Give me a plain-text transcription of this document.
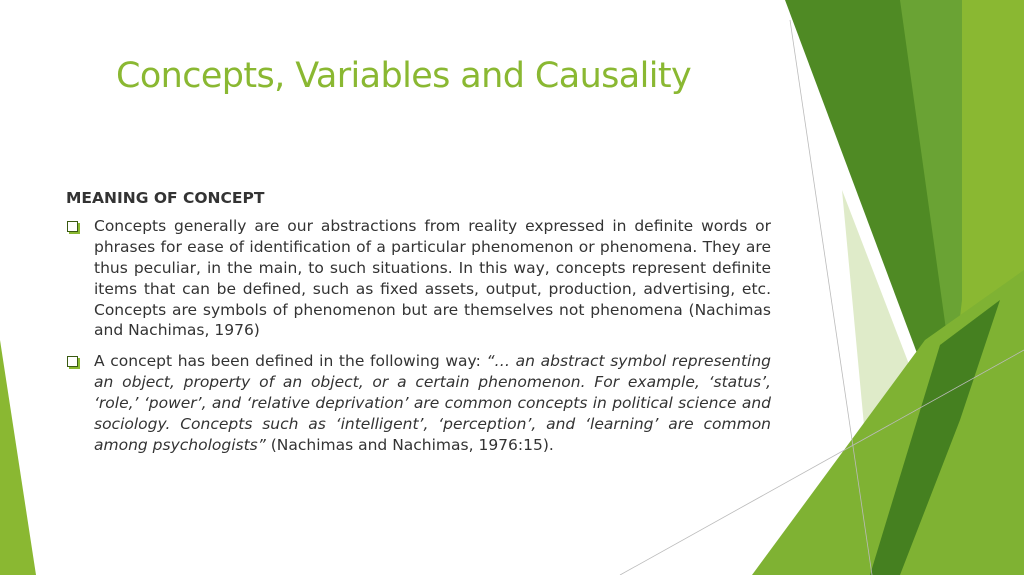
Concepts, Variables and Causality
MEANING OF CONCEPT
Concepts generally are our abstractions from reality expressed in definite words or phrases for ease of identification of a particular phenomenon or phenomena. They are thus peculiar, in the main, to such situations. In this way, concepts represent definite items that can be defined, such as fixed assets, output, production, advertising, etc. Concepts are symbols of phenomenon but are themselves not phenomena (Nachimas and Nachimas, 1976)
A concept has been defined in the following way: “… an abstract symbol representing an object, property of an object, or a certain phenomenon. For example, ‘status’, ‘role,’ ‘power’, and ‘relative deprivation’ are common concepts in political science and sociology. Concepts such as ‘intelligent’, ‘perception’, and ‘learning’ are common among psychologists” (Nachimas and Nachimas, 1976:15).
